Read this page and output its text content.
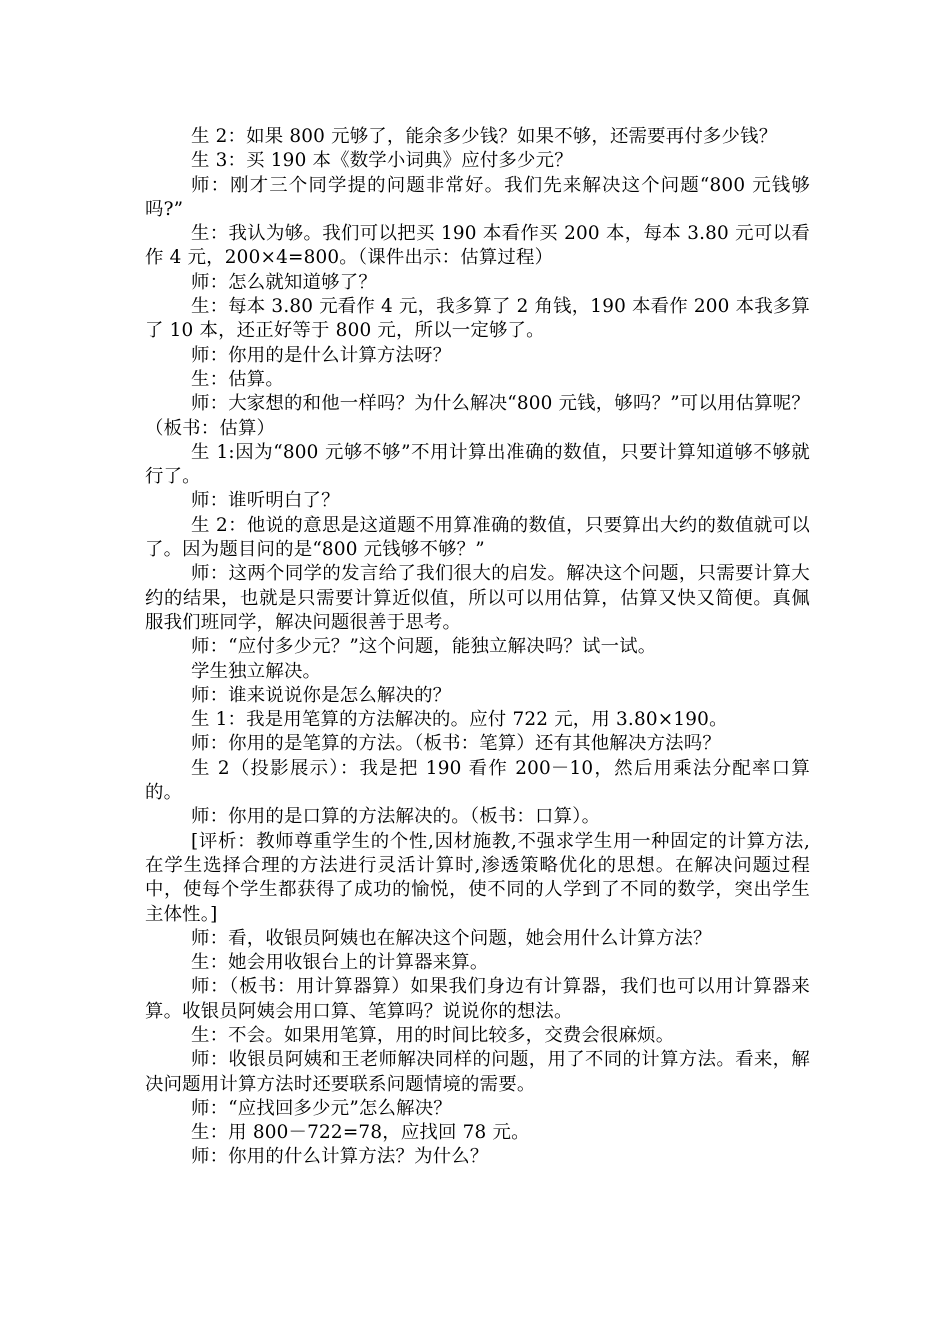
生 2：如果 800 元够了，能余多少钱？如果不够，还需要再付多少钱？

生 3：买 190 本《数学小词典》应付多少元？

师：刚才三个同学提的问题非常好。我们先来解决这个问题“800 元钱够吗?”

生：我认为够。我们可以把买 190 本看作买 200 本，每本 3.80 元可以看作 4 元，200×4=800。（课件出示：估算过程）

师：怎么就知道够了？

生：每本 3.80 元看作 4 元，我多算了 2 角钱，190 本看作 200 本我多算了 10 本，还正好等于 800 元，所以一定够了。

师：你用的是什么计算方法呀？

生：估算。

师：大家想的和他一样吗？为什么解决“800 元钱，够吗？”可以用估算呢？（板书：估算）

生 1:因为“800 元够不够”不用计算出准确的数值，只要计算知道够不够就行了。

师：谁听明白了？

生 2：他说的意思是这道题不用算准确的数值，只要算出大约的数值就可以了。因为题目问的是“800 元钱够不够？”

师：这两个同学的发言给了我们很大的启发。解决这个问题，只需要计算大约的结果，也就是只需要计算近似值，所以可以用估算，估算又快又简便。真佩服我们班同学，解决问题很善于思考。

师：“应付多少元？”这个问题，能独立解决吗？试一试。

学生独立解决。

师：谁来说说你是怎么解决的？

生 1：我是用笔算的方法解决的。应付 722 元，用 3.80×190。

师：你用的是笔算的方法。（板书：笔算）还有其他解决方法吗？

生 2（投影展示）：我是把 190 看作 200－10，然后用乘法分配率口算的。

师：你用的是口算的方法解决的。（板书：口算）。

[评析：教师尊重学生的个性,因材施教,不强求学生用一种固定的计算方法,在学生选择合理的方法进行灵活计算时,渗透策略优化的思想。在解决问题过程中，使每个学生都获得了成功的愉悦，使不同的人学到了不同的数学，突出学生主体性。]

师：看，收银员阿姨也在解决这个问题，她会用什么计算方法？

生：她会用收银台上的计算器来算。

师：（板书：用计算器算）如果我们身边有计算器，我们也可以用计算器来算。收银员阿姨会用口算、笔算吗？说说你的想法。

生：不会。如果用笔算，用的时间比较多，交费会很麻烦。

师：收银员阿姨和王老师解决同样的问题，用了不同的计算方法。看来，解决问题用计算方法时还要联系问题情境的需要。

师：“应找回多少元”怎么解决？

生：用 800－722=78，应找回 78 元。

师：你用的什么计算方法？为什么？
